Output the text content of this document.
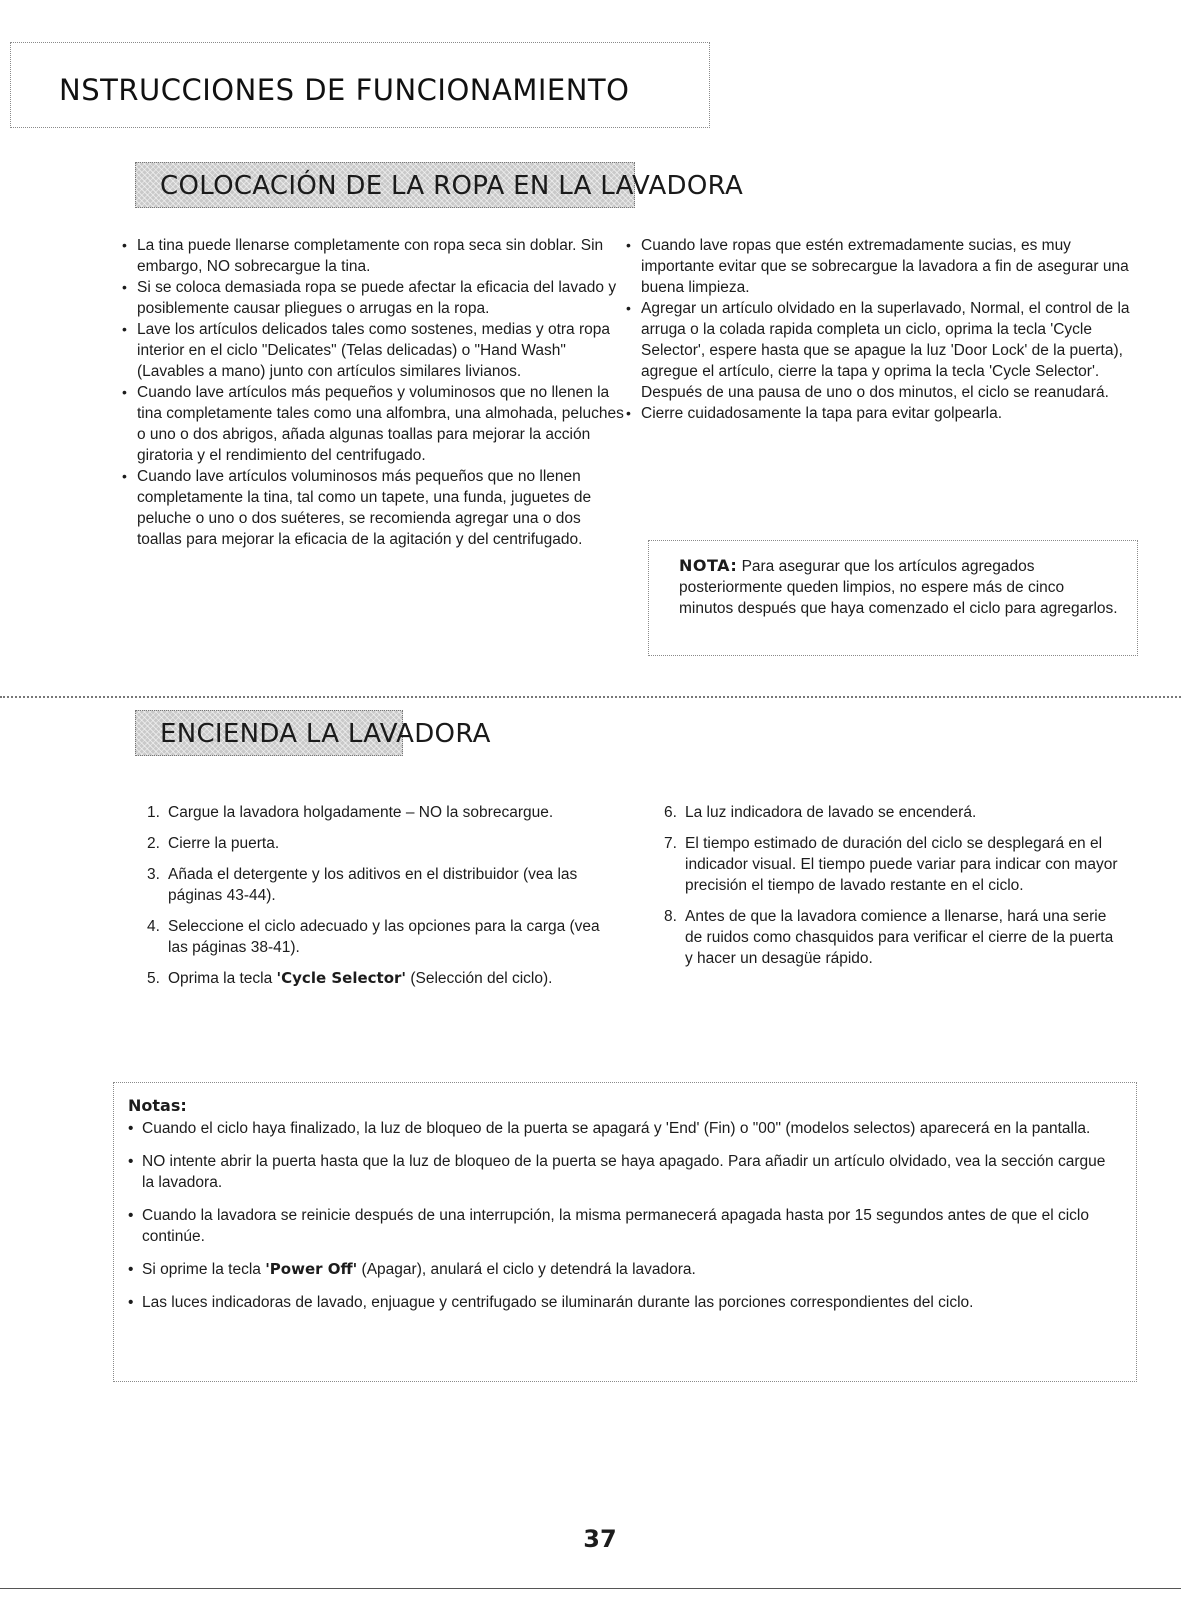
NSTRUCCIONES DE FUNCIONAMIENTO
COLOCACIÓN DE LA ROPA EN LA LAVADORA
• La tina puede llenarse completamente con ropa seca sin doblar. Sin embargo, NO sobrecargue la tina.
• Si se coloca demasiada ropa se puede afectar la eficacia del lavado y posiblemente causar pliegues o arrugas en la ropa.
• Lave los artículos delicados tales como sostenes, medias y otra ropa interior en el ciclo "Delicates" (Telas delicadas) o "Hand Wash" (Lavables a mano) junto con artículos similares livianos.
• Cuando lave artículos más pequeños y voluminosos que no llenen la tina completamente tales como una alfombra, una almohada, peluches o uno o dos abrigos, añada algunas toallas para mejorar la acción giratoria y el rendimiento del centrifugado.
• Cuando lave artículos voluminosos más pequeños que no llenen completamente la tina, tal como un tapete, una funda, juguetes de peluche o uno o dos suéteres, se recomienda agregar una o dos toallas para mejorar la eficacia de la agitación y del centrifugado.
• Cuando lave ropas que estén extremadamente sucias, es muy importante evitar que se sobrecargue la lavadora a fin de asegurar una buena limpieza.
• Agregar un artículo olvidado en la superlavado, Normal, el control de la arruga o la colada rapida completa un ciclo, oprima la tecla 'Cycle Selector', espere hasta que se apague la luz 'Door Lock' de la puerta), agregue el artículo, cierre la tapa y oprima la tecla 'Cycle Selector'. Después de una pausa de uno o dos minutos, el ciclo se reanudará.
• Cierre cuidadosamente la tapa para evitar golpearla.
NOTA: Para asegurar que los artículos agregados posteriormente queden limpios, no espere más de cinco minutos después que haya comenzado el ciclo para agregarlos.
ENCIENDA LA LAVADORA
1. Cargue la lavadora holgadamente – NO la sobrecargue.
2. Cierre la puerta.
3. Añada el detergente y los aditivos en el distribuidor (vea las páginas 43-44).
4. Seleccione el ciclo adecuado y las opciones para la carga (vea las páginas 38-41).
5. Oprima la tecla 'Cycle Selector' (Selección del ciclo).
6. La luz indicadora de lavado se encenderá.
7. El tiempo estimado de duración del ciclo se desplegará en el indicador visual. El tiempo puede variar para indicar con mayor precisión el tiempo de lavado restante en el ciclo.
8. Antes de que la lavadora comience a llenarse, hará una serie de ruidos como chasquidos para verificar el cierre de la puerta y hacer un desagüe rápido.
Notas:
• Cuando el ciclo haya finalizado, la luz de bloqueo de la puerta se apagará y 'End' (Fin) o "00" (modelos selectos) aparecerá en la pantalla.
• NO intente abrir la puerta hasta que la luz de bloqueo de la puerta se haya apagado. Para añadir un artículo olvidado, vea la sección cargue la lavadora.
• Cuando la lavadora se reinicie después de una interrupción, la misma permanecerá apagada hasta por 15 segundos antes de que el ciclo continúe.
• Si oprime la tecla 'Power Off' (Apagar), anulará el ciclo y detendrá la lavadora.
• Las luces indicadoras de lavado, enjuague y centrifugado se iluminarán durante las porciones correspondientes del ciclo.
37
